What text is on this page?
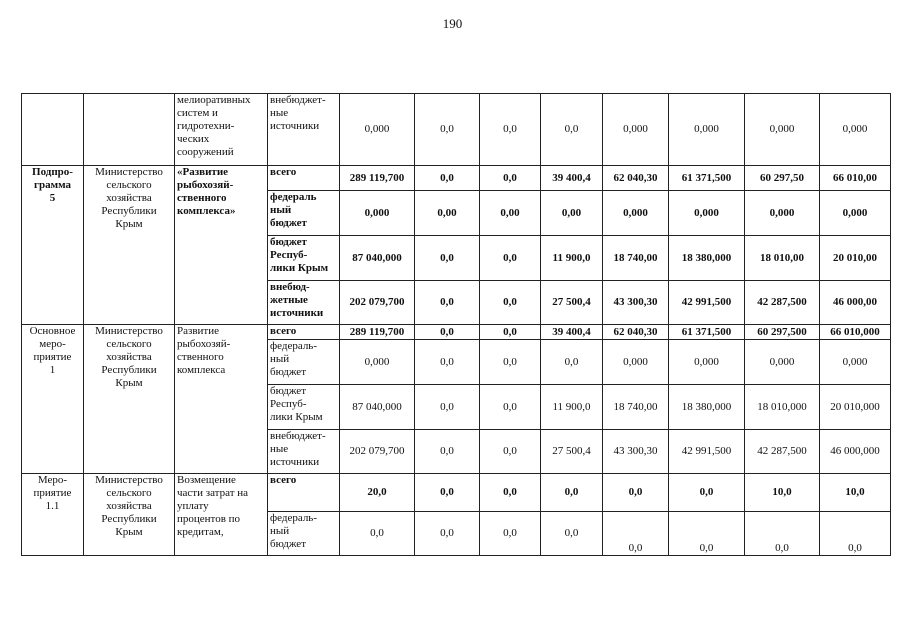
190
		мелиоративных
систем и
гидротехни-
ческих
сооружений	внебюджет-
ные
источники	0,000	0,0	0,0	0,0	0,000	0,000	0,000	0,000
Подпро-
грамма
5	Министерство
сельского
хозяйства
Республики
Крым	«Развитие
рыбохозяй-
ственного
комплекса»	всего	289 119,700	0,0	0,0	39 400,4	62 040,30	61 371,500	60 297,50	66 010,00
			федераль
ный
бюджет	0,000	0,00	0,00	0,00	0,000	0,000	0,000	0,000
			бюджет
Респуб-
лики Крым	87 040,000	0,0	0,0	11 900,0	18 740,00	18 380,000	18 010,00	20 010,00
			внебюд-
жетные
источники	202 079,700	0,0	0,0	27 500,4	43 300,30	42 991,500	42 287,500	46 000,00
Основное
меро-
приятие
1	Министерство
сельского
хозяйства
Республики
Крым	Развитие
рыбохозяй-
ственного
комплекса	всего	289 119,700	0,0	0,0	39 400,4	62 040,30	61 371,500	60 297,500	66 010,000
			федераль-
ный
бюджет	0,000	0,0	0,0	0,0	0,000	0,000	0,000	0,000
			бюджет
Респуб-
лики Крым	87 040,000	0,0	0,0	11 900,0	18 740,00	18 380,000	18 010,000	20 010,000
			внебюджет-
ные
источники	202 079,700	0,0	0,0	27 500,4	43 300,30	42 991,500	42 287,500	46 000,000
Меро-
приятие
1.1	Министерство
сельского
хозяйства
Республики
Крым	Возмещение
части затрат на
уплату
процентов по
кредитам,	всего	20,0	0,0	0,0	0,0	0,0	0,0	10,0	10,0
			федераль-
ный
бюджет	0,0	0,0	0,0	0,0	0,0	0,0	0,0	0,0
